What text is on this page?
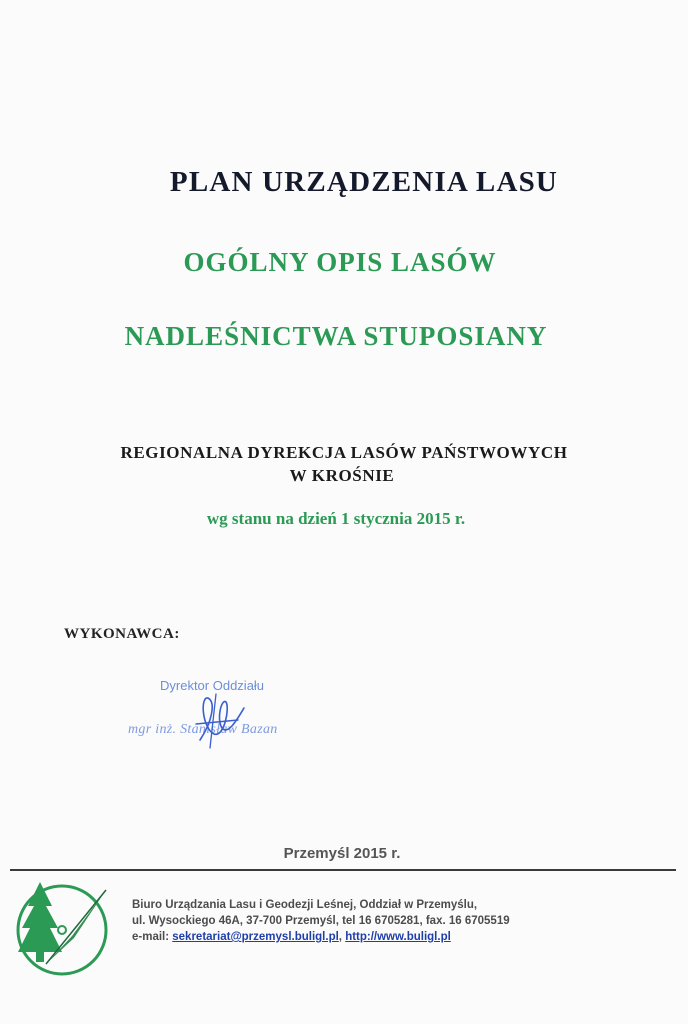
PLAN URZĄDZENIA LASU
OGÓLNY OPIS LASÓW
NADLEŚNICTWA STUPOSIANY
REGIONALNA DYREKCJA LASÓW PAŃSTWOWYCH
W KROŚNIE
wg stanu na dzień 1 stycznia 2015 r.
WYKONAWCA:
Dyrektor Oddziału
mgr inż. Stanisław Bazan
Przemyśl 2015 r.
Biuro Urządzania Lasu i Geodezji Leśnej, Oddział w Przemyślu,
ul. Wysockiego 46A, 37-700 Przemyśl, tel 16 6705281, fax. 16 6705519
e-mail: sekretariat@przemysl.buligl.pl, http://www.buligl.pl
